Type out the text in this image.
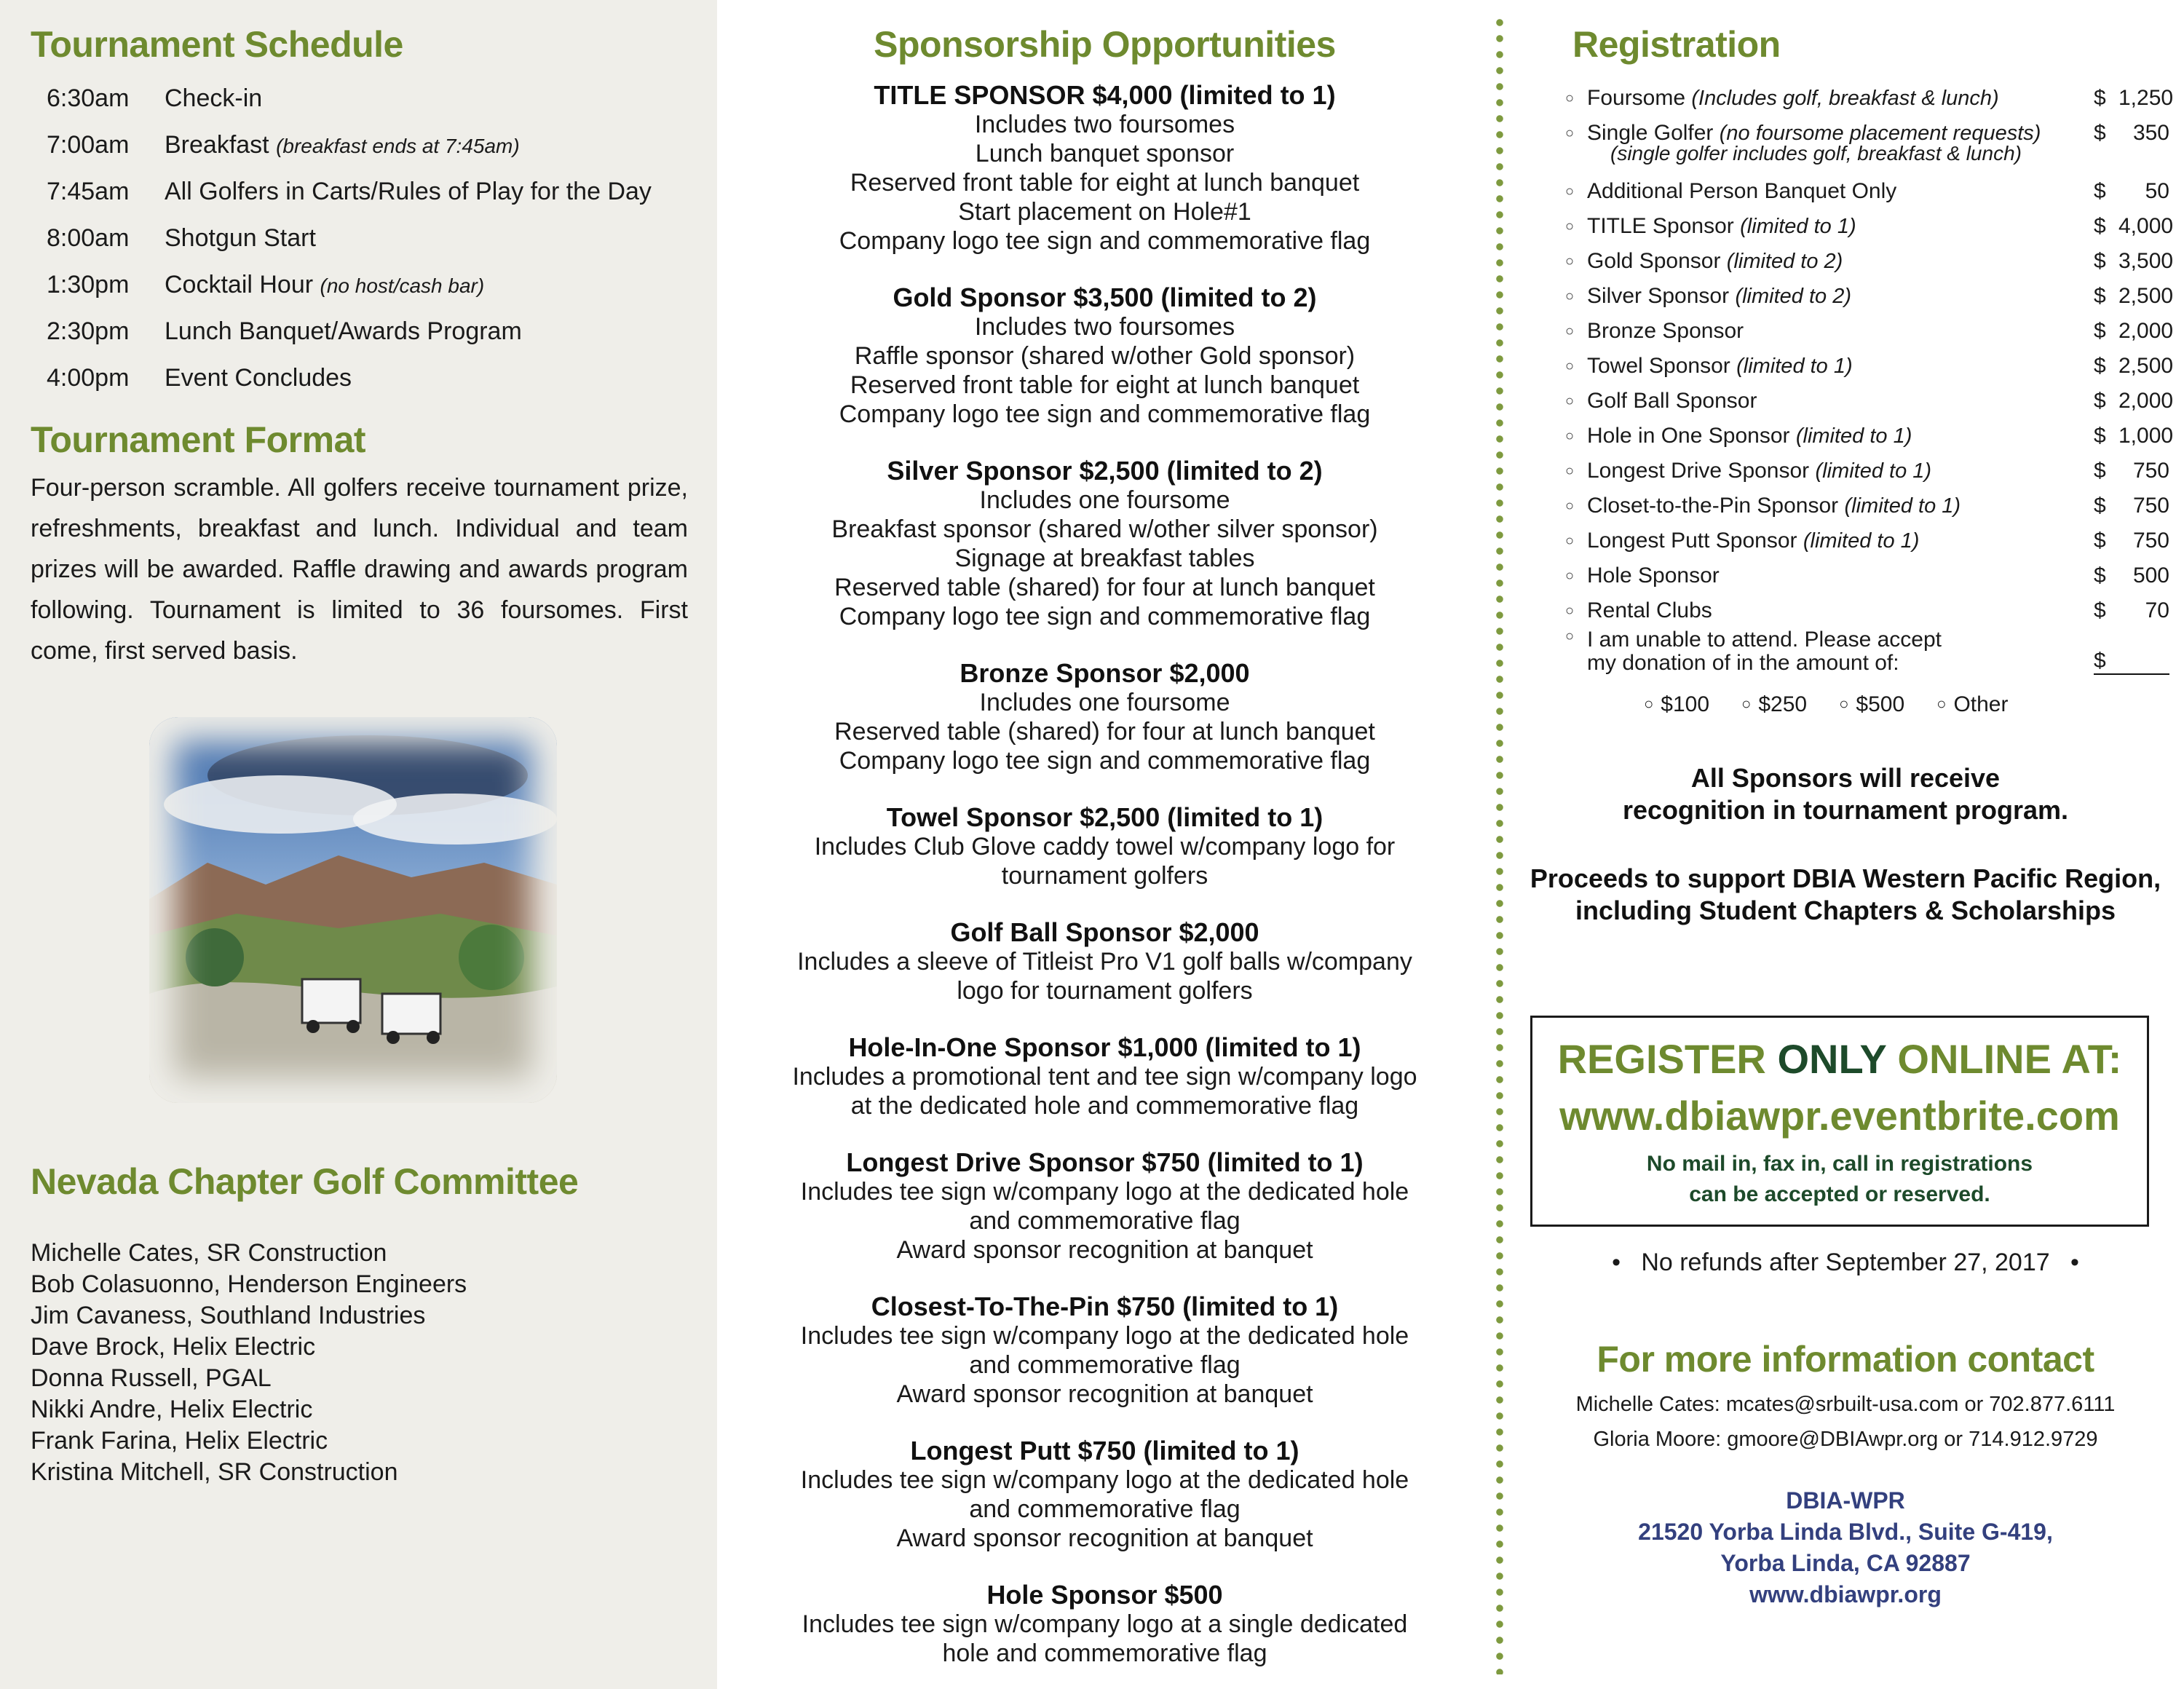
Tournament Schedule
6:30am	Check-in
7:00am	Breakfast (breakfast ends at 7:45am)
7:45am	All Golfers in Carts/Rules of Play for the Day
8:00am	Shotgun Start
1:30pm	Cocktail Hour (no host/cash bar)
2:30pm	Lunch Banquet/Awards Program
4:00pm	Event Concludes
Tournament Format
Four-person scramble. All golfers receive tournament prize, refreshments, breakfast and lunch. Individual and team prizes will be awarded. Raffle drawing and awards program following. Tournament is limited to 36 foursomes. First come, first served basis.
Nevada Chapter Golf Committee
Michelle Cates, SR Construction
Bob Colasuonno, Henderson Engineers
Jim Cavaness, Southland Industries
Dave Brock, Helix Electric
Donna Russell, PGAL
Nikki Andre, Helix Electric
Frank Farina, Helix Electric
Kristina Mitchell, SR Construction
Sponsorship Opportunities
TITLE SPONSOR $4,000 (limited to 1)
Includes two foursomes
Lunch banquet sponsor
Reserved front table for eight at lunch banquet
Start placement on Hole#1
Company logo tee sign and commemorative flag
Gold Sponsor $3,500 (limited to 2)
Includes two foursomes
Raffle sponsor (shared w/other Gold sponsor)
Reserved front table for eight at lunch banquet
Company logo tee sign and commemorative flag
Silver Sponsor $2,500 (limited to 2)
Includes one foursome
Breakfast sponsor (shared w/other silver sponsor)
Signage at breakfast tables
Reserved table (shared) for four at lunch banquet
Company logo tee sign and commemorative flag
Bronze Sponsor $2,000
Includes one foursome
Reserved table (shared) for four at lunch banquet
Company logo tee sign and commemorative flag
Towel Sponsor $2,500 (limited to 1)
Includes Club Glove caddy towel w/company logo for
tournament golfers
Golf Ball Sponsor $2,000
Includes a sleeve of Titleist Pro V1 golf balls w/company
logo for tournament golfers
Hole-In-One Sponsor $1,000 (limited to 1)
Includes a promotional tent and tee sign w/company logo
at the dedicated hole and commemorative flag
Longest Drive Sponsor $750 (limited to 1)
Includes tee sign w/company logo at the dedicated hole
and commemorative flag
Award sponsor recognition at banquet
Closest-To-The-Pin $750 (limited to 1)
Includes tee sign w/company logo at the dedicated hole
and commemorative flag
Award sponsor recognition at banquet
Longest Putt $750 (limited to 1)
Includes tee sign w/company logo at the dedicated hole
and commemorative flag
Award sponsor recognition at banquet
Hole Sponsor $500
Includes tee sign w/company logo at a single dedicated
hole and commemorative flag
Registration
○ Foursome (Includes golf, breakfast & lunch)	$ 1,250
○ Single Golfer (no foursome placement requests)	$	350
(single golfer includes golf, breakfast & lunch)
○ Additional Person Banquet Only	$	50
○ TITLE Sponsor (limited to 1)	$ 4,000
○ Gold Sponsor (limited to 2)	$ 3,500
○ Silver Sponsor (limited to 2)	$ 2,500
○ Bronze Sponsor	$ 2,000
○ Towel Sponsor (limited to 1)	$ 2,500
○ Golf Ball Sponsor	$ 2,000
○ Hole in One Sponsor (limited to 1)	$ 1,000
○ Longest Drive Sponsor (limited to 1)	$	750
○ Closet-to-the-Pin Sponsor (limited to 1)	$	750
○ Longest Putt Sponsor (limited to 1)	$	750
○ Hole Sponsor	$	500
○ Rental Clubs	$	70
○ I am unable to attend. Please accept
my donation of in the amount of:	$
○ $100	○ $250	○ $500	○ Other
All Sponsors will receive
recognition in tournament program.
Proceeds to support DBIA Western Pacific Region,
including Student Chapters & Scholarships
REGISTER ONLY ONLINE AT:
www.dbiawpr.eventbrite.com
No mail in, fax in, call in registrations
can be accepted or reserved.
•   No refunds after September 27, 2017   •
For more information contact
Michelle Cates: mcates@srbuilt-usa.com or 702.877.6111
Gloria Moore: gmoore@DBIAwpr.org or 714.912.9729
DBIA-WPR
21520 Yorba Linda Blvd., Suite G-419,
Yorba Linda, CA 92887
www.dbiawpr.org
